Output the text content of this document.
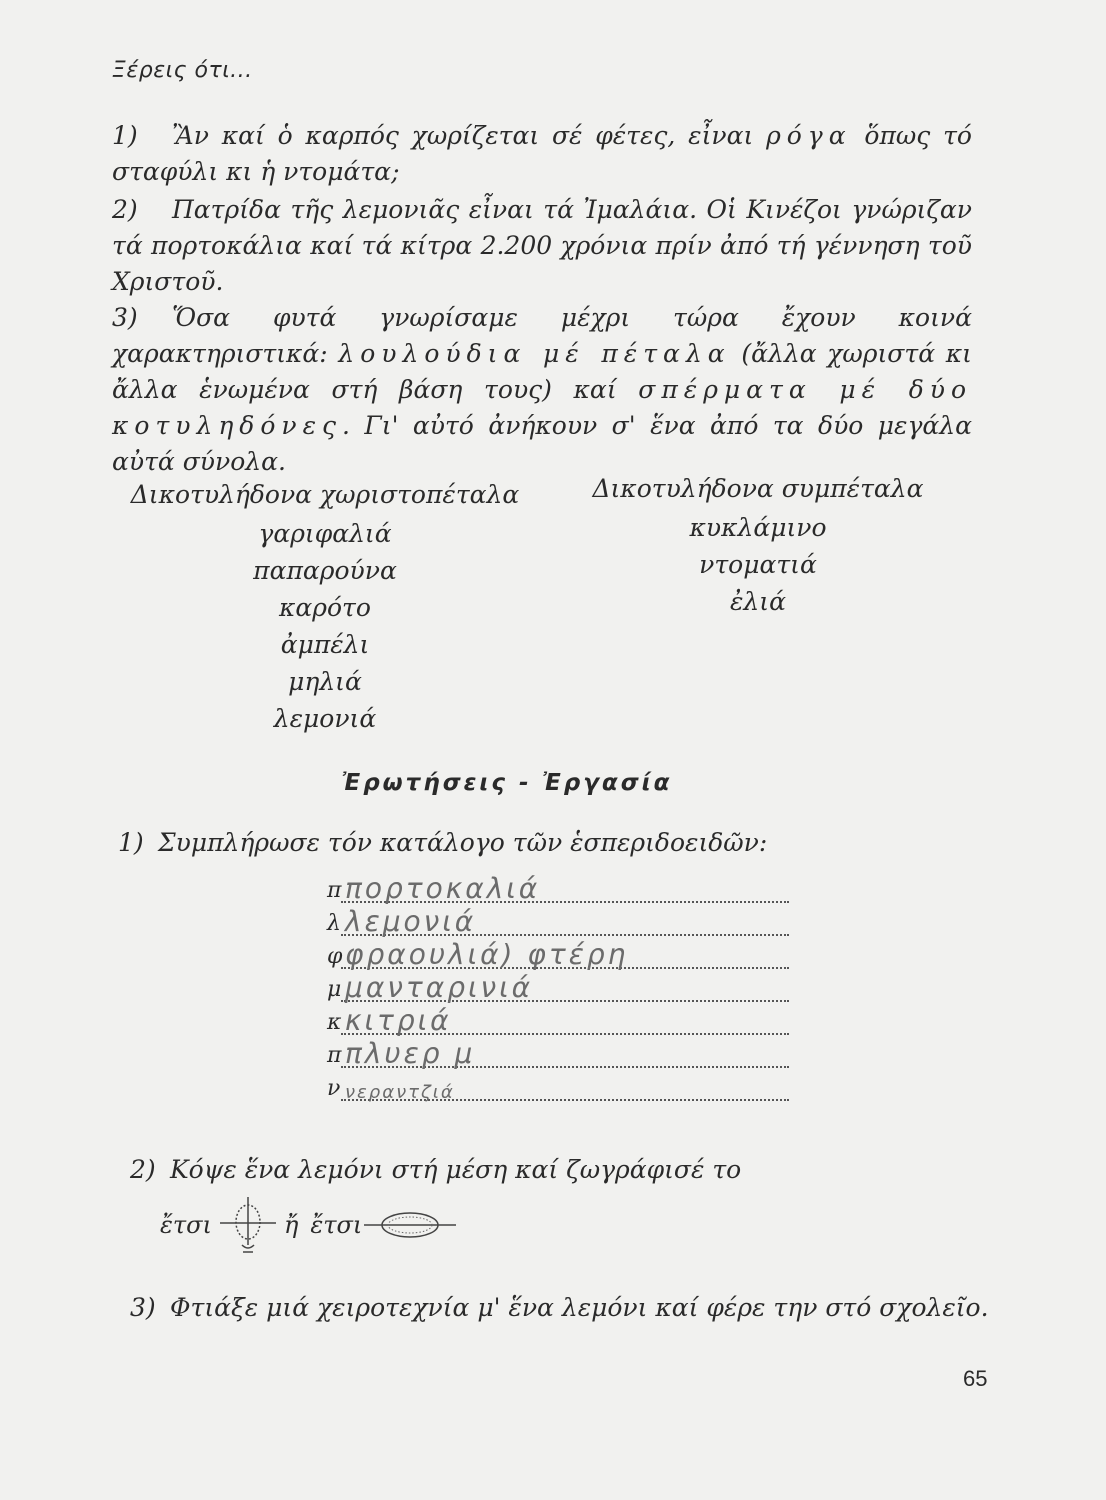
Ξέρεις ότι...

1) Ἂν καί ὁ καρπός χωρίζεται σέ φέτες, εἶναι ρόγα ὅπως τό σταφύλι κι ἡ ντομάτα;

2) Πατρίδα τῆς λεμονιᾶς εἶναι τά Ἰμαλάια. Οἱ Κινέζοι γνώριζαν τά πορτοκάλια καί τά κίτρα 2.200 χρόνια πρίν ἀπό τή γέννηση τοῦ Χριστοῦ.

3) Ὅσα φυτά γνωρίσαμε μέχρι τώρα ἔχουν κοινά χαρακτηριστικά: λουλούδια μέ πέταλα (ἄλλα χωριστά κι ἄλλα ἑνωμένα στή βάση τους) καί σπέρματα μέ δύο κοτυληδόνες. Γι' αὐτό ἀνήκουν σ' ἕνα ἀπό τα δύο μεγάλα αὐτά σύνολα.

Δικοτυλήδονα χωριστοπέταλα
γαριφαλιά
παπαρούνα
καρότο
ἀμπέλι
μηλιά
λεμονιά
Δικοτυλήδονα συμπέταλα
κυκλάμινο
ντοματιά
ἐλιά
Ἐρωτήσεις - Ἐργασία
1) Συμπλήρωσε τόν κατάλογο τῶν ἑσπεριδοειδῶν:
π πορτοκαλιά
λ λεμονιά
φ φραουλιά) φτέρη
μ μανταρινιά
κ κιτριά
π πλυερ μ
ν νεραντζιά
2) Κόψε ἕνα λεμόνι στή μέση καί ζωγράφισέ το
ἔτσι	ἤ ἔτσι
3) Φτιάξε μιά χειροτεχνία μ' ἕνα λεμόνι καί φέρε την στό σχολεῖο.
65
